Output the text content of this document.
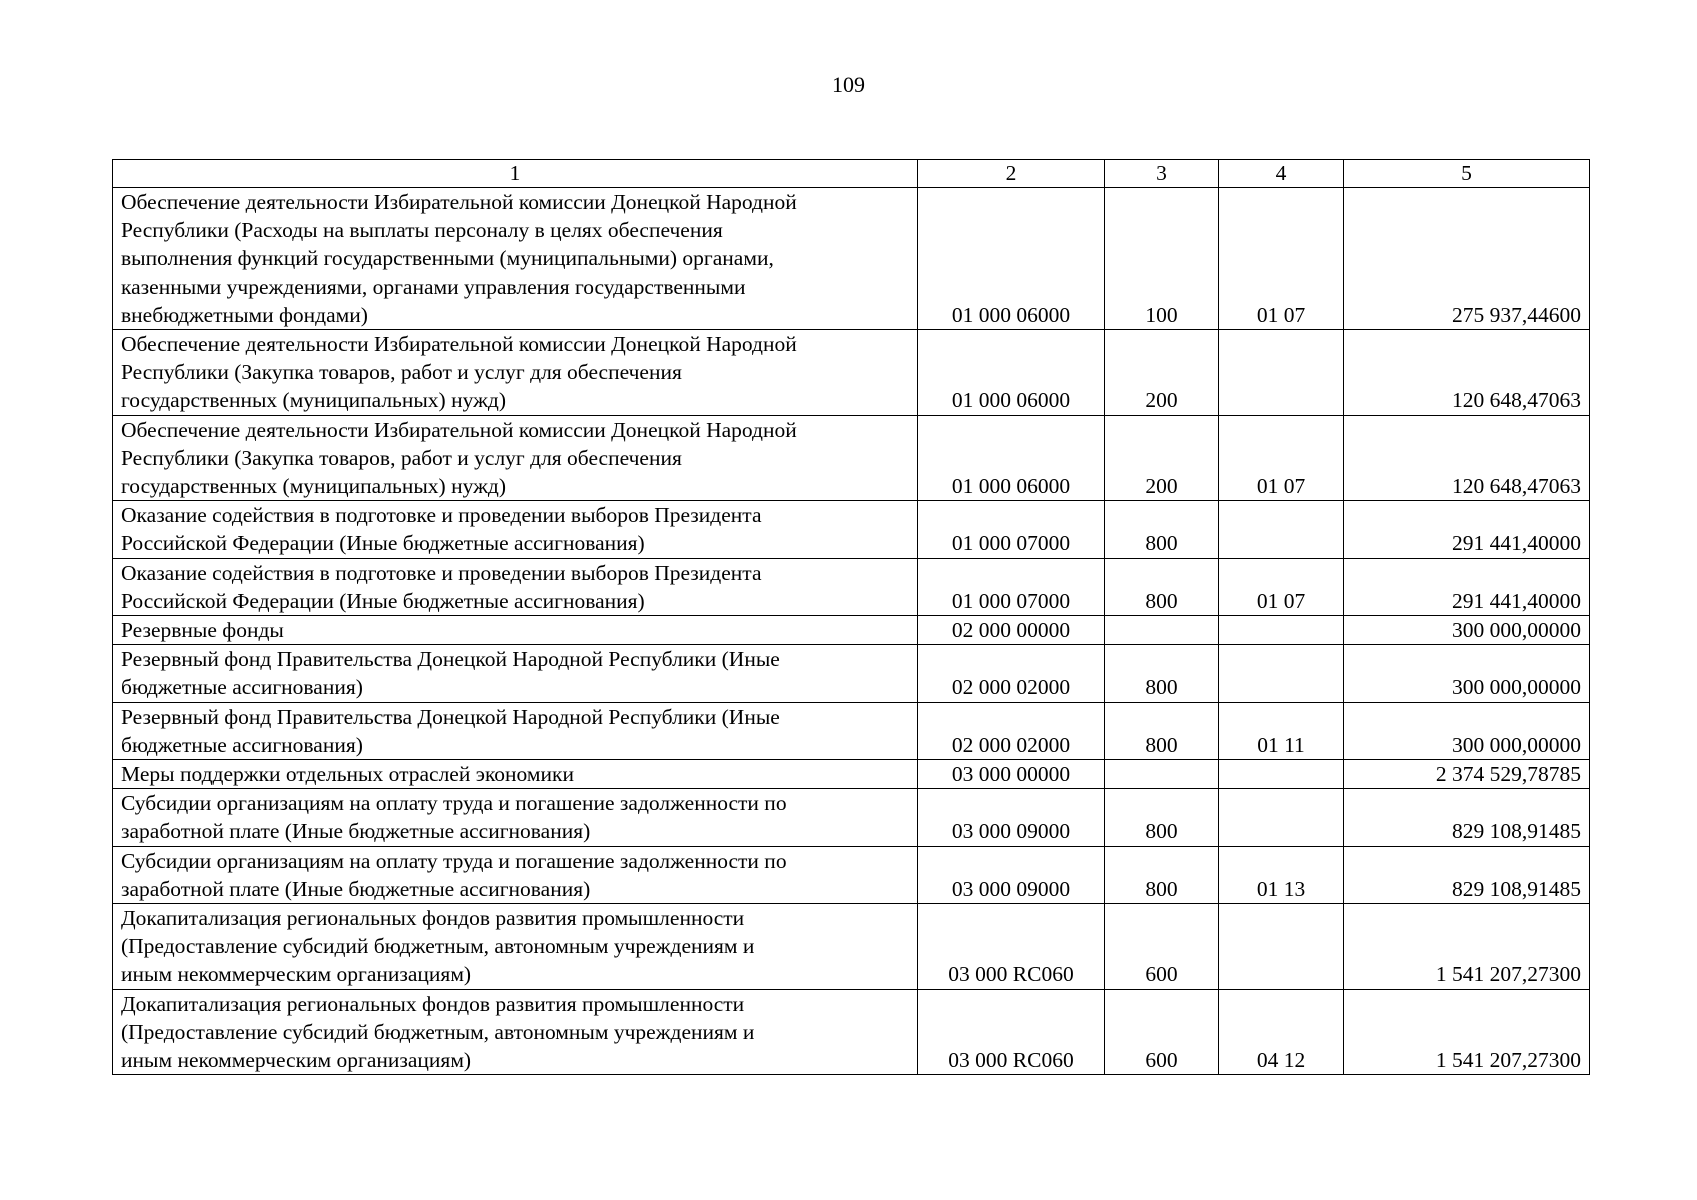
109
1	2	3	4	5
Обеспечение деятельности Избирательной комиссии Донецкой Народной
Республики (Расходы на выплаты персоналу в целях обеспечения
выполнения функций государственными (муниципальными) органами,
казенными учреждениями, органами управления государственными
внебюджетными фондами)	01 000 06000	100	01 07	275 937,44600
Обеспечение деятельности Избирательной комиссии Донецкой Народной
Республики (Закупка товаров, работ и услуг для обеспечения
государственных (муниципальных) нужд)	01 000 06000	200		120 648,47063
Обеспечение деятельности Избирательной комиссии Донецкой Народной
Республики (Закупка товаров, работ и услуг для обеспечения
государственных (муниципальных) нужд)	01 000 06000	200	01 07	120 648,47063
Оказание содействия в подготовке и проведении выборов Президента
Российской Федерации (Иные бюджетные ассигнования)	01 000 07000	800		291 441,40000
Оказание содействия в подготовке и проведении выборов Президента
Российской Федерации (Иные бюджетные ассигнования)	01 000 07000	800	01 07	291 441,40000
Резервные фонды	02 000 00000			300 000,00000
Резервный фонд Правительства Донецкой Народной Республики (Иные
бюджетные ассигнования)	02 000 02000	800		300 000,00000
Резервный фонд Правительства Донецкой Народной Республики (Иные
бюджетные ассигнования)	02 000 02000	800	01 11	300 000,00000
Меры поддержки отдельных отраслей экономики	03 000 00000			2 374 529,78785
Субсидии организациям на оплату труда и погашение задолженности по
заработной плате (Иные бюджетные ассигнования)	03 000 09000	800		829 108,91485
Субсидии организациям на оплату труда и погашение задолженности по
заработной плате (Иные бюджетные ассигнования)	03 000 09000	800	01 13	829 108,91485
Докапитализация региональных фондов развития промышленности
(Предоставление субсидий бюджетным, автономным учреждениям и
иным некоммерческим организациям)	03 000 RC060	600		1 541 207,27300
Докапитализация региональных фондов развития промышленности
(Предоставление субсидий бюджетным, автономным учреждениям и
иным некоммерческим организациям)	03 000 RC060	600	04 12	1 541 207,27300
